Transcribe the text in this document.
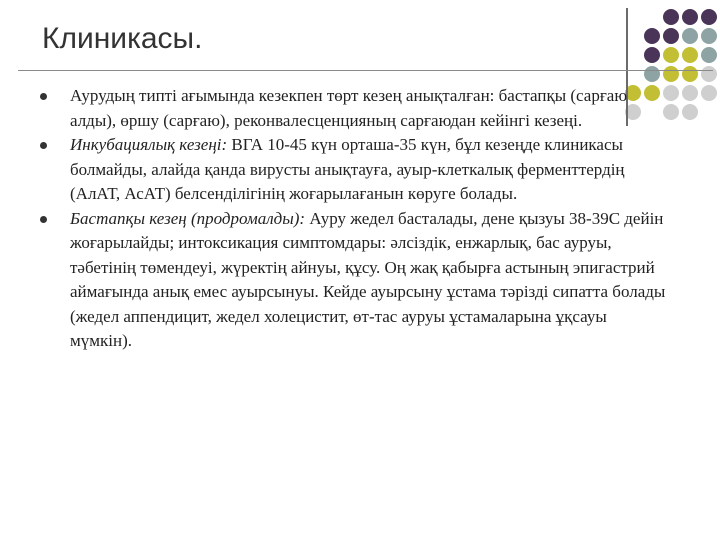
Клиникасы.
Аурудың типті ағымында кезекпен төрт кезең анықталған: бастапқы (сарғаю алды), өршу (сарғаю), реконвалесценцияның сарғаюдан кейінгі кезеңі.
Инкубациялық кезеңі: ВГА 10-45 күн орташа-35 күн, бұл кезеңде клиникасы болмайды, алайда қанда вирусты анықтауға, ауыр-клеткалық ферменттердің (АлАТ, АсАТ) белсенділігінің жоғарылағанын көруге болады.
Бастапқы кезең (продромалды): Ауру жедел басталады, дене қызуы 38-39С дейін жоғарылайды; интоксикация симптомдары: әлсіздік, енжарлық, бас ауруы, тәбетінің төмендеуі, жүректің айнуы, құсу. Оң жақ қабырға астының эпигастрий аймағында анық емес ауырсынуы. Кейде ауырсыну ұстама тәрізді сипатта болады (жедел аппендицит, жедел холецистит, өт-тас ауруы ұстамаларына ұқсауы мүмкін).
